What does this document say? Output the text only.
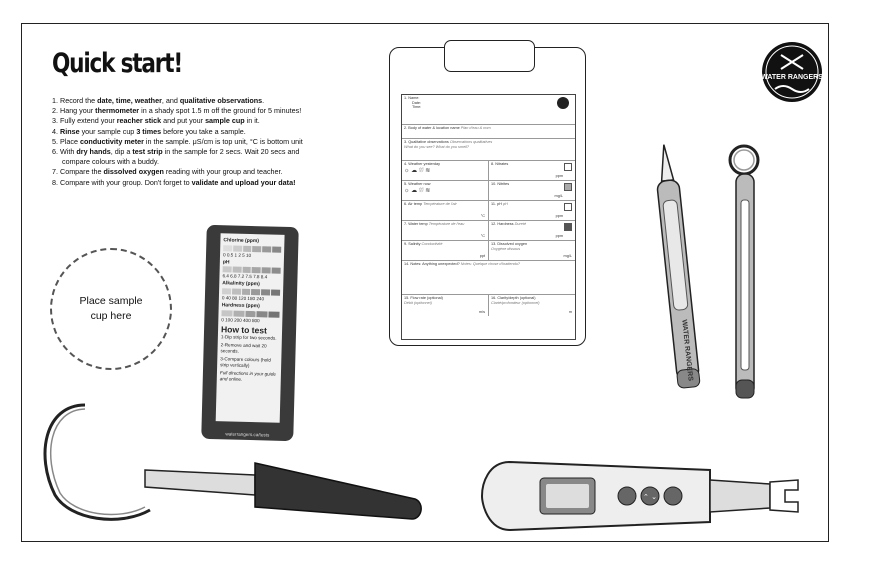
Quick start!
1. Record the date, time, weather, and qualitative observations.
2. Hang your thermometer in a shady spot 1.5 m off the ground for 5 minutes!
3. Fully extend your reacher stick and put your sample cup in it.
4. Rinse your sample cup 3 times before you take a sample.
5. Place conductivity meter in the sample. μS/cm is top unit, °C is bottom unit
6. With dry hands, dip a test strip in the sample for 2 secs. Wait 20 secs and
compare colours with a buddy.
7. Compare the dissolved oxygen reading with your group and teacher.
8. Compare with your group. Don't forget to validate and upload your data!
Place sample cup here
Chlorine (ppm)
0 0.5 1 2 5 10
pH
6.4 6.8 7.2 7.5 7.8 8.4
Alkalinity (ppm)
0 40 80 120 180 240
Hardness (ppm)
0 100 200 400 800
How to test
1-Dip strip for two seconds.
2-Remove and wait 20 seconds.
3-Compare colours (hold strip vertically)
Full directions in your guide and online.
waterrangers.ca/tests
1. Name:
Date:
Time:
2. Body of water & location name Plan d'eau & nom
3. Qualitative observations Observations qualitatives
What do you see? What do you smell?
4. Weather yesterday
☼ ☁ ⛆ ≋
8. Nitrates
ppm
5. Weather now
☼ ☁ ⛆ ≋
10. Nitrites
mg/L
6. Air temp Température de l'air
°C
11. pH pH
ppm
7. Water temp Température de l'eau
°C
12. Hardness Dureté
ppm
9. Salinity Conductivité
ppt
13. Dissolved oxygen
Oxygène dissous
mg/L
14. Notes: Anything unexpected? Notes: Quelque chose d'inattendu?
15. Flow rate (optional)
Débit (optionnel)
m/s
16. Clarity/depth (optional)
Clarté/profondeur (optionnel)
m
WATER RANGERS
WATER RANGERS
⌃ ⌄
